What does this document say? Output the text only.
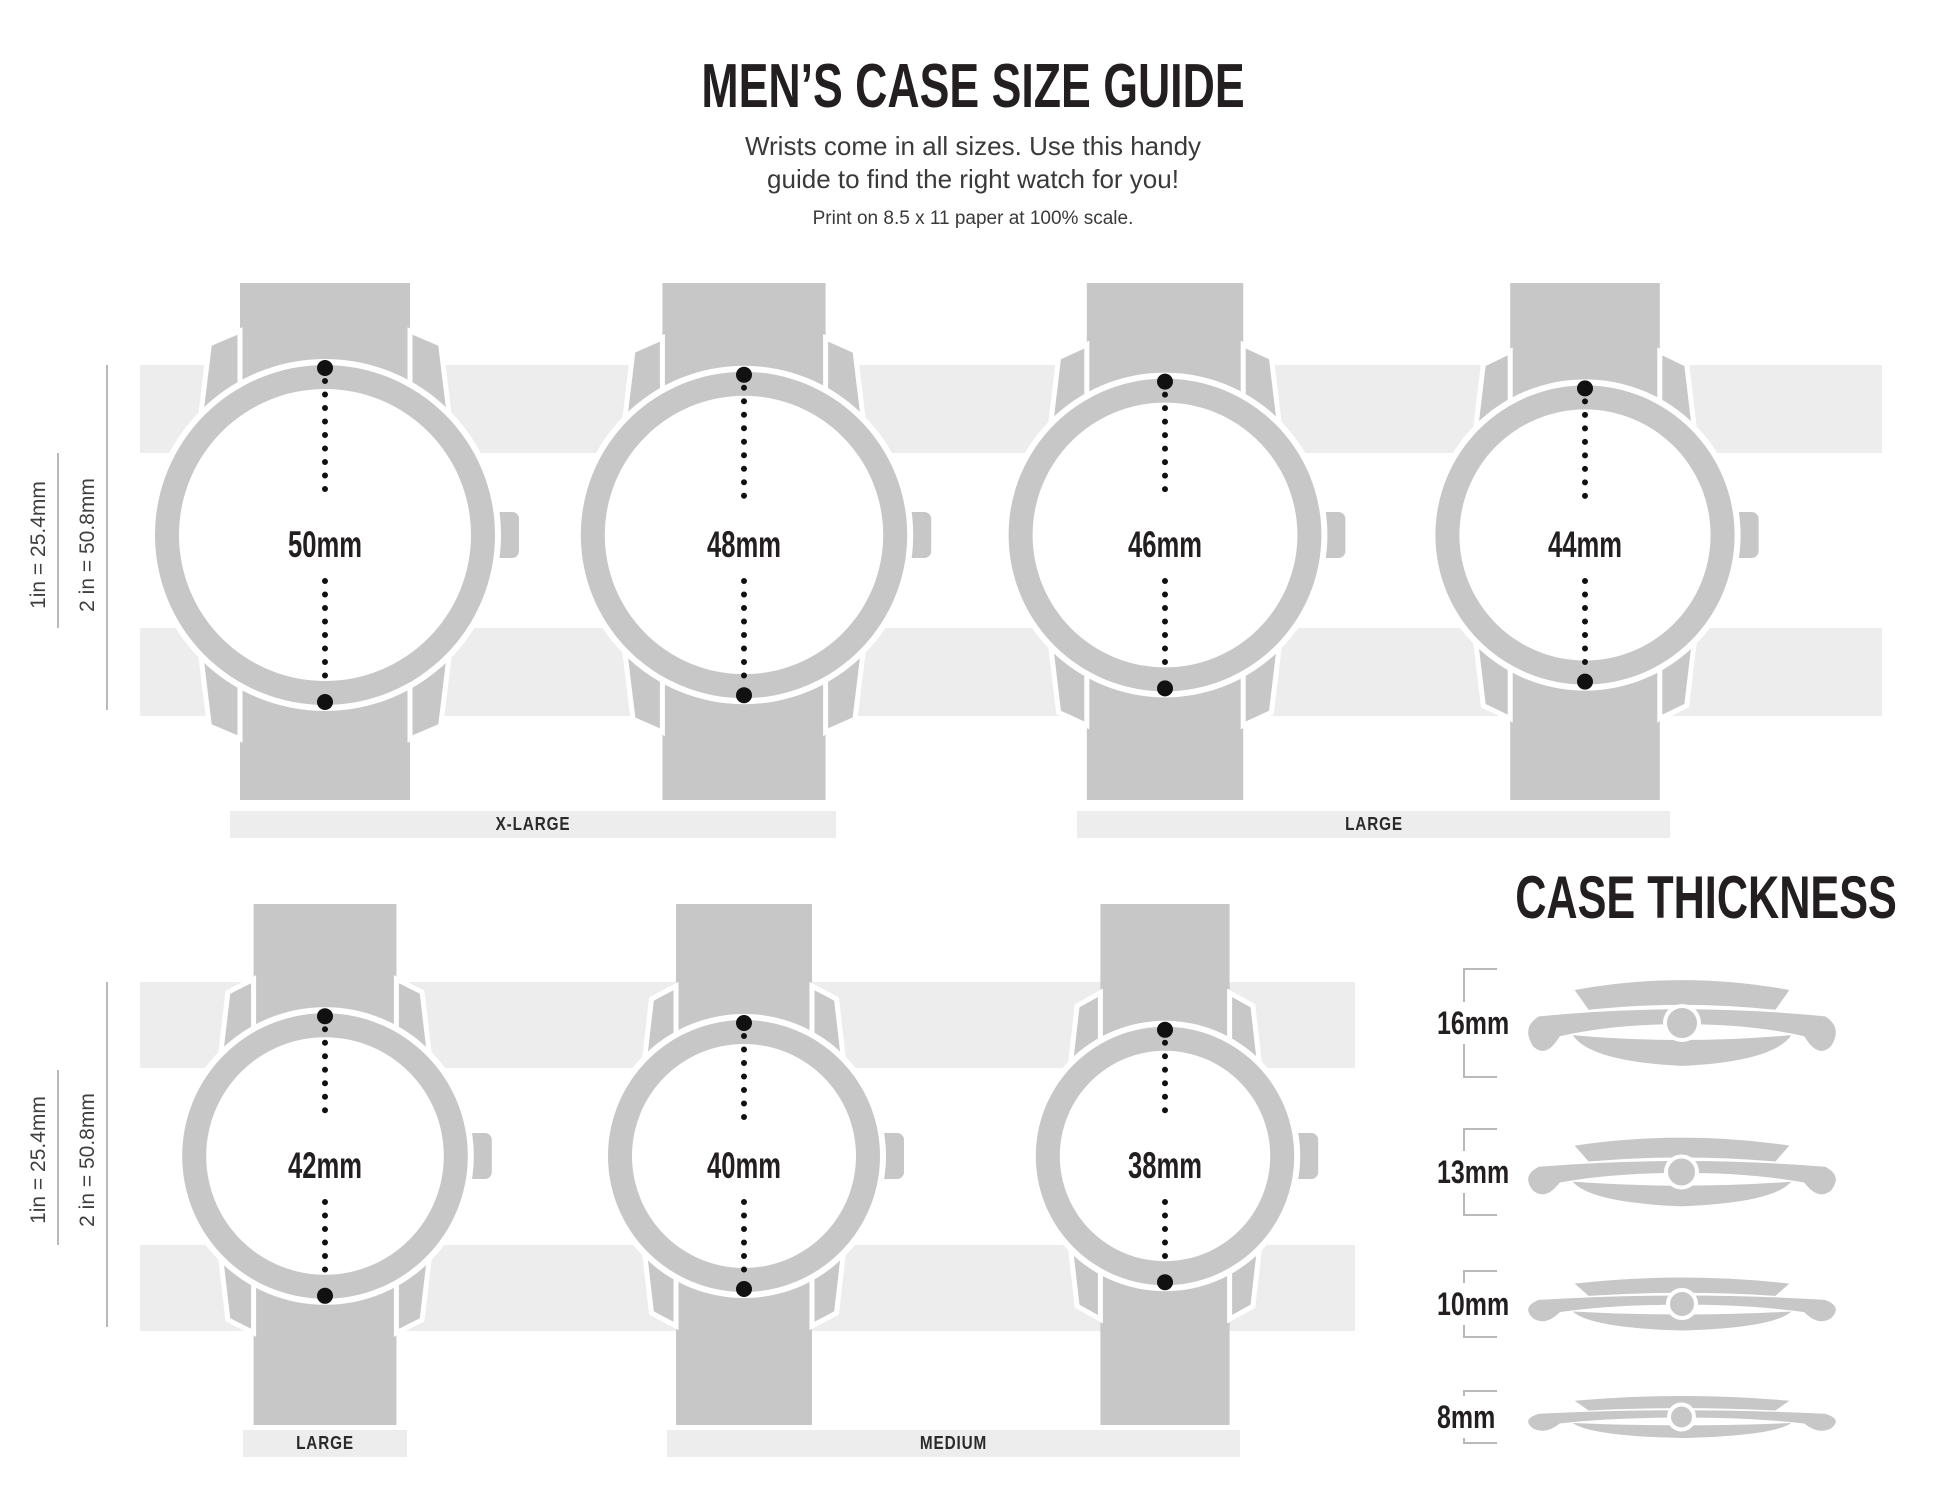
1in = 25.4mm 2 in = 50.8mm
1in = 25.4mm 2 in = 50.8mm
50mm	48mm	46mm	44mm
42mm	40mm	38mm
X-LARGE	LARGE
LARGE	MEDIUM
CASE THICKNESS
16mm
13mm
10mm
8mm
MEN’S CASE SIZE GUIDE
Wrists come in all sizes. Use this handy
guide to find the right watch for you!
Print on 8.5 x 11 paper at 100% scale.
